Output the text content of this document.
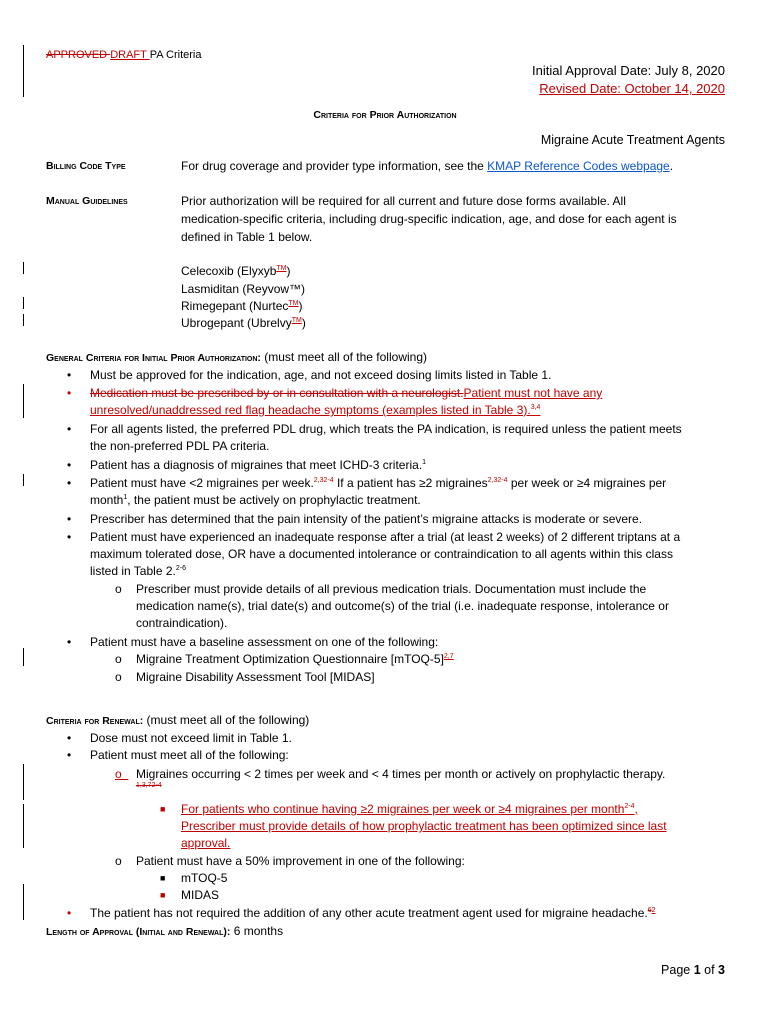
APPROVED DRAFT PA Criteria
Initial Approval Date: July 8, 2020
Revised Date: October 14, 2020
Criteria for Prior Authorization
Migraine Acute Treatment Agents
Billing Code Type	For drug coverage and provider type information, see the KMAP Reference Codes webpage.
Manual Guidelines	Prior authorization will be required for all current and future dose forms available. All
medication-specific criteria, including drug-specific indication, age, and dose for each agent is
defined in Table 1 below.
Celecoxib (Elyxyb™)
Lasmiditan (Reyvow™)
Rimegepant (Nurtec™)
Ubrogepant (Ubrelvy™)
General Criteria for Initial Prior Authorization: (must meet all of the following)
• Must be approved for the indication, age, and not exceed dosing limits listed in Table 1.
• Medication must be prescribed by or in consultation with a neurologist.Patient must not have any
unresolved/unaddressed red flag headache symptoms (examples listed in Table 3).$^{3,4}$
• For all agents listed, the preferred PDL drug, which treats the PA indication, is required unless the patient meets
the non-preferred PDL PA criteria.
• Patient has a diagnosis of migraines that meet ICHD-3 criteria.$^1$
• Patient must have <2 migraines per week.$^{2,32-4}$ If a patient has ≥2 migraines$^{2,32-4}$ per week or ≥4 migraines per
month$^1$, the patient must be actively on prophylactic treatment.
• Prescriber has determined that the pain intensity of the patient’s migraine attacks is moderate or severe.
• Patient must have experienced an inadequate response after a trial (at least 2 weeks) of 2 different triptans at a
maximum tolerated dose, OR have a documented intolerance or contraindication to all agents within this class
listed in Table 2.$^{2-6}$
o Prescriber must provide details of all previous medication trials. Documentation must include the
medication name(s), trial date(s) and outcome(s) of the trial (i.e. inadequate response, intolerance or
contraindication).
• Patient must have a baseline assessment on one of the following:
o Migraine Treatment Optimization Questionnaire [mTOQ-5]$^{2,7}$
o Migraine Disability Assessment Tool [MIDAS]
Criteria for Renewal: (must meet all of the following)
• Dose must not exceed limit in Table 1.
• Patient must meet all of the following:
o Migraines occurring < 2 times per week and < 4 times per month or actively on prophylactic therapy.
1,3,72-4
■ For patients who continue having ≥2 migraines per week or ≥4 migraines per month$^{2-4}$,
Prescriber must provide details of how prophylactic treatment has been optimized since last
approval.
o Patient must have a 50% improvement in one of the following:
■ mTOQ-5
■ MIDAS
• The patient has not required the addition of any other acute treatment agent used for migraine headache.$^{62}$
Length of Approval (Initial and Renewal): 6 months
Page 1 of 3
